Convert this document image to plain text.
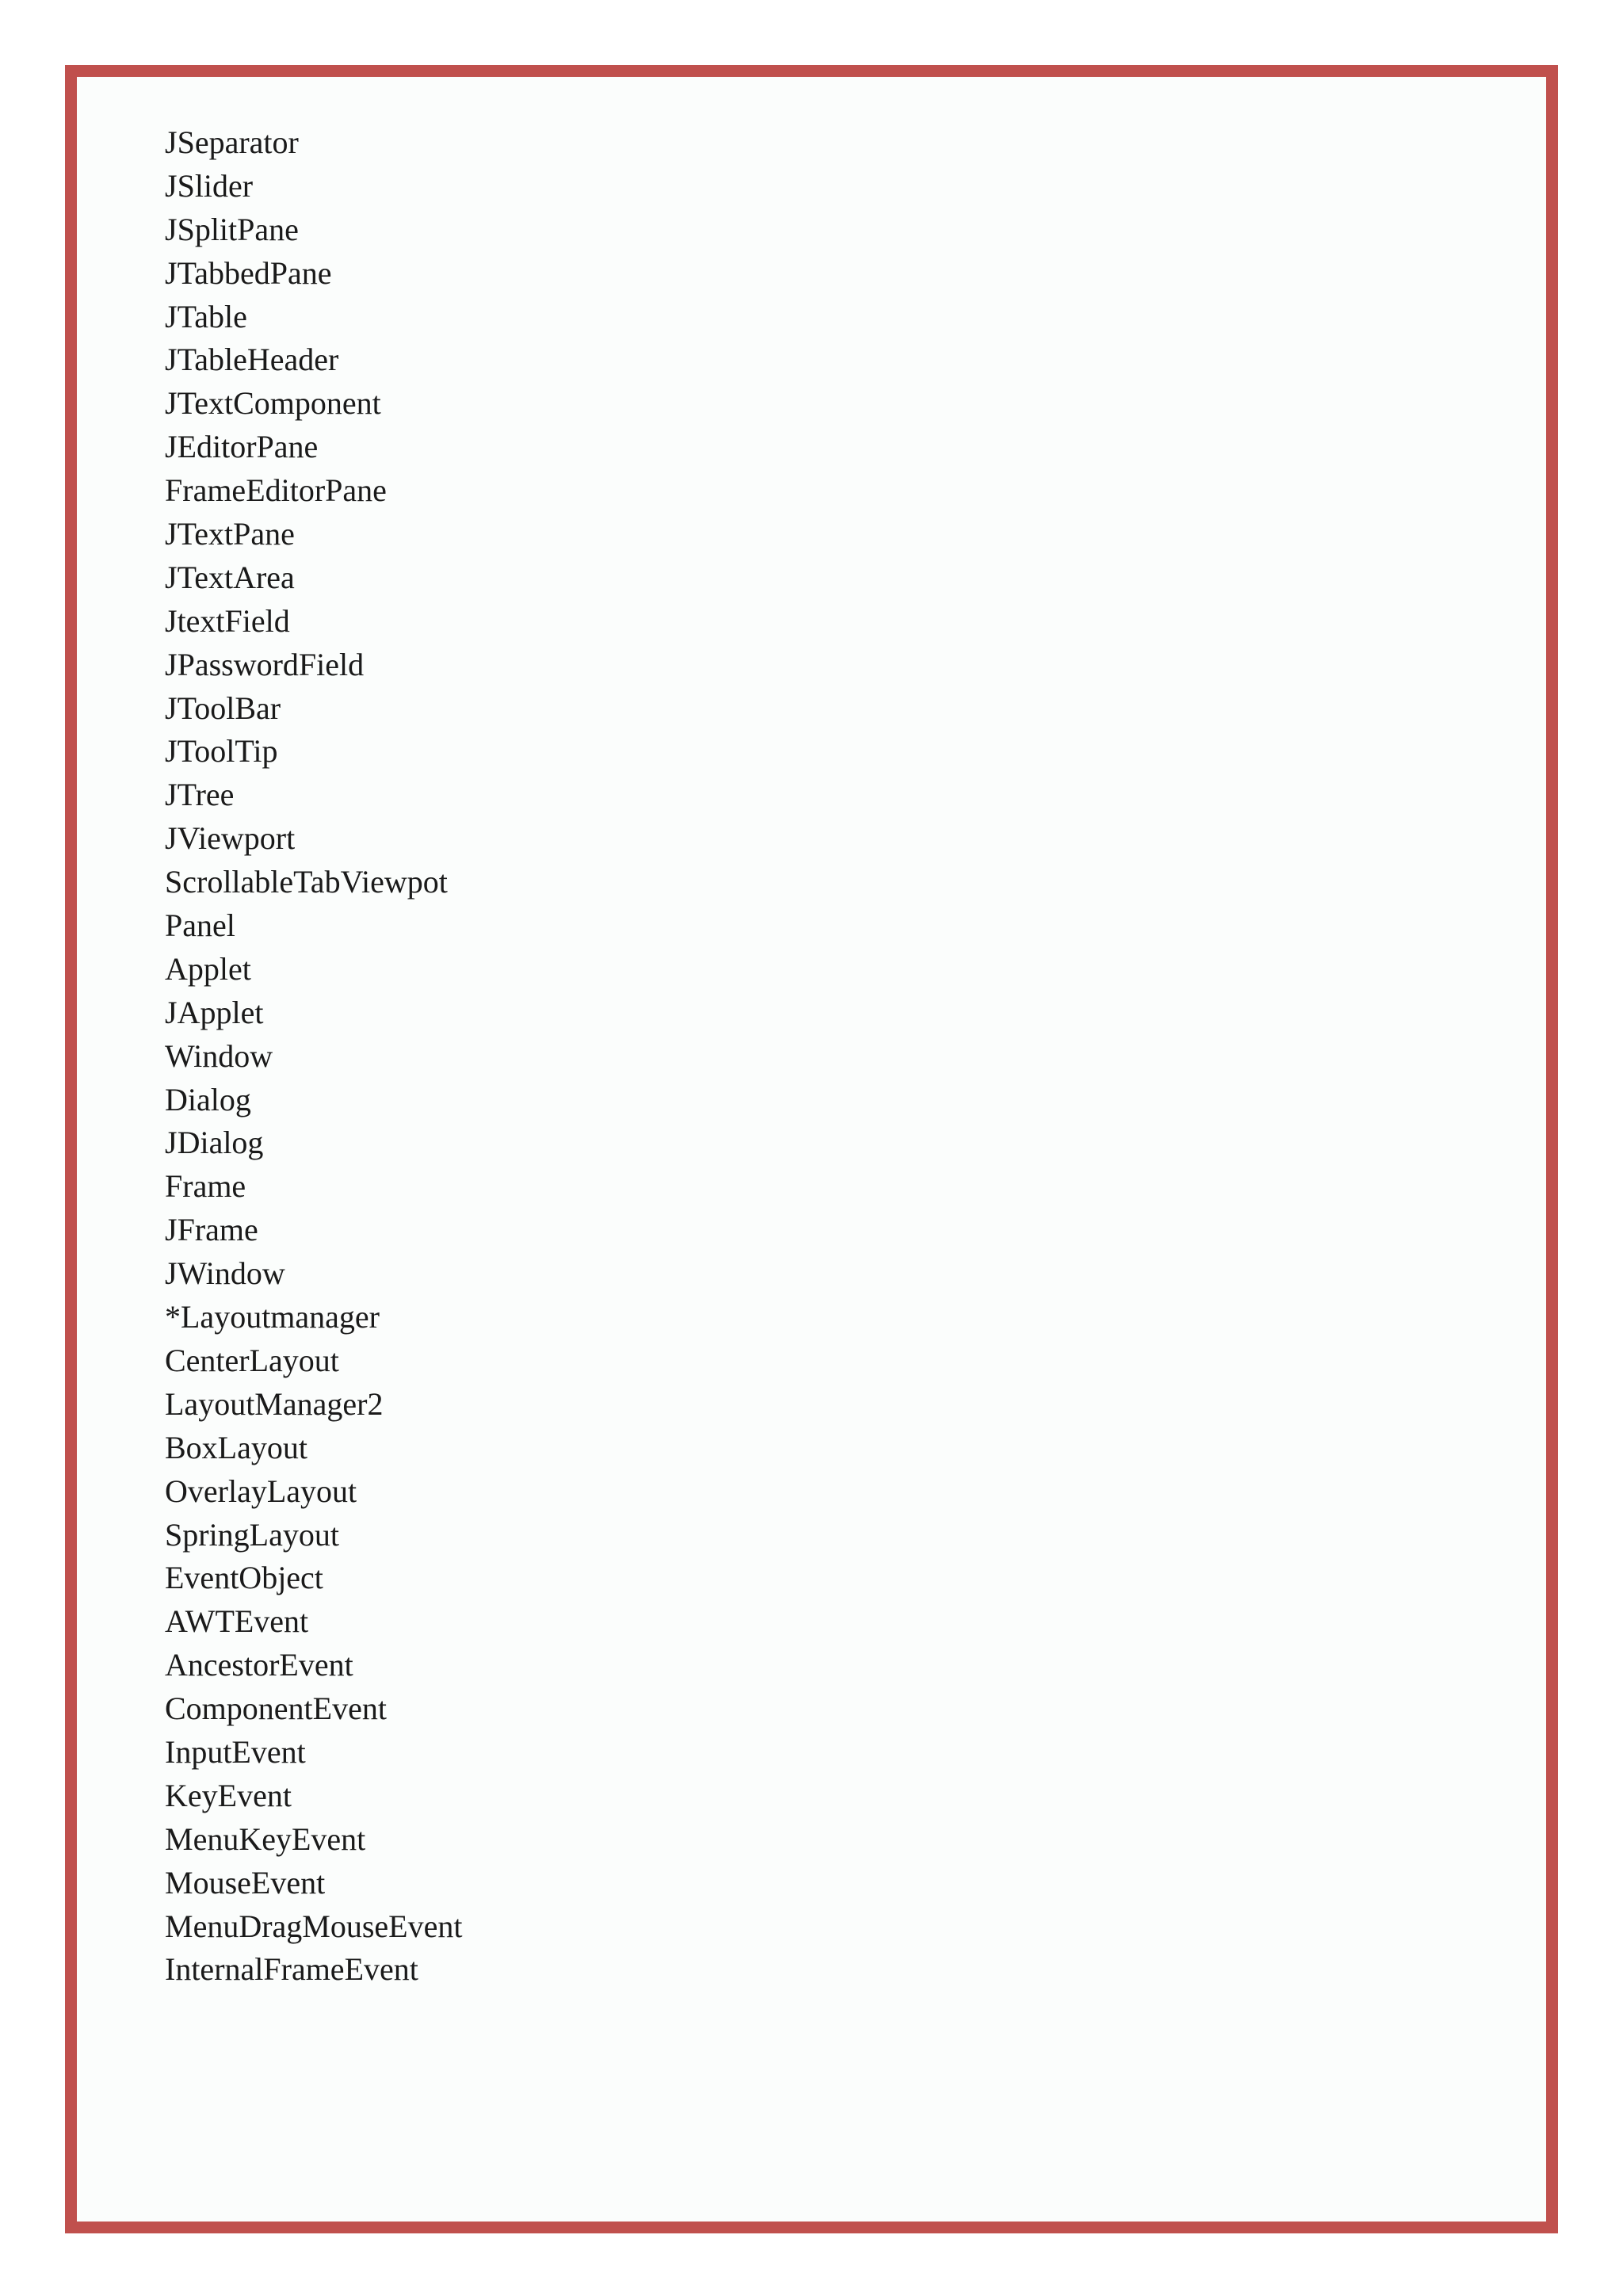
JSeparator
JSlider
JSplitPane
JTabbedPane
JTable
JTableHeader
JTextComponent
JEditorPane
FrameEditorPane
JTextPane
JTextArea
JtextField
JPasswordField
JToolBar
JToolTip
JTree
JViewport
ScrollableTabViewpot
Panel
Applet
JApplet
Window
Dialog
JDialog
Frame
JFrame
JWindow
*Layoutmanager
CenterLayout
LayoutManager2
BoxLayout
OverlayLayout
SpringLayout
EventObject
AWTEvent
AncestorEvent
ComponentEvent
InputEvent
KeyEvent
MenuKeyEvent
MouseEvent
MenuDragMouseEvent
InternalFrameEvent
